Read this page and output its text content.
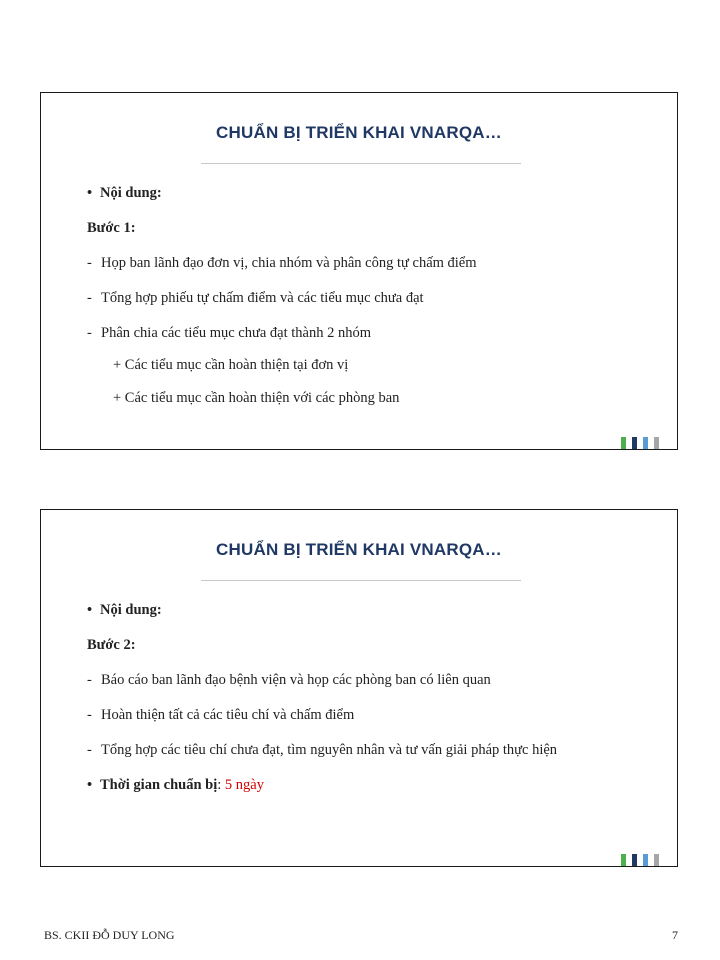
CHUẨN BỊ TRIỂN KHAI VNARQA…
• Nội dung:
Bước 1:
- Họp ban lãnh đạo đơn vị, chia nhóm và phân công tự chấm điểm
- Tổng hợp phiếu tự chấm điểm và các tiểu mục chưa đạt
- Phân chia các tiểu mục chưa đạt thành 2 nhóm
+ Các tiểu mục cần hoàn thiện tại đơn vị
+ Các tiểu mục cần hoàn thiện với các phòng ban
CHUẨN BỊ TRIỂN KHAI VNARQA…
• Nội dung:
Bước 2:
- Báo cáo ban lãnh đạo bệnh viện và họp các phòng ban có liên quan
- Hoàn thiện tất cả các tiêu chí và chấm điểm
- Tổng hợp các tiêu chí chưa đạt, tìm nguyên nhân và tư vấn giải pháp thực hiện
• Thời gian chuẩn bị: 5 ngày
BS. CKII ĐỖ DUY LONG	7
